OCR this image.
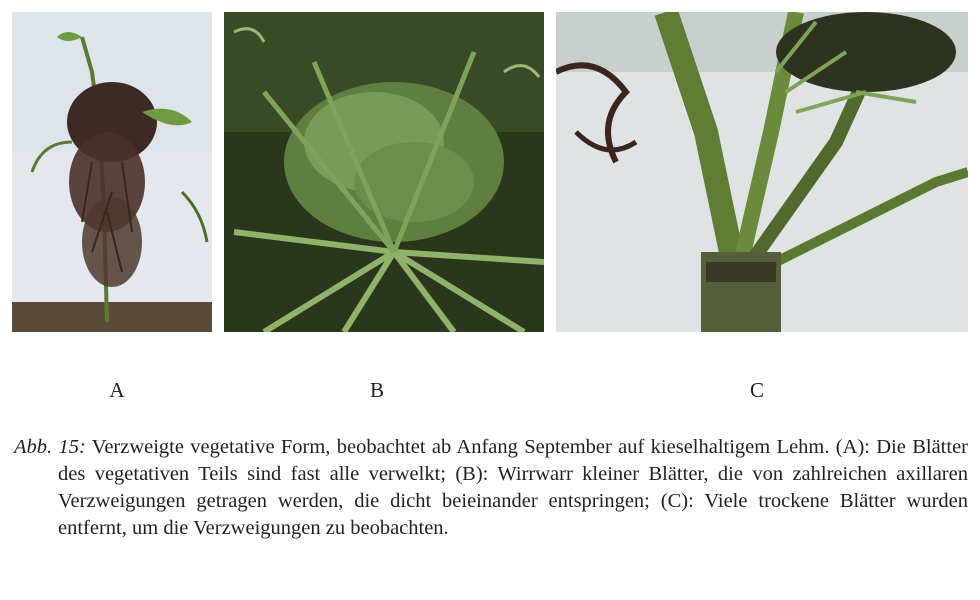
A	B	C
Abb. 15: Verzweigte vegetative Form, beobachtet ab Anfang September auf kieselhaltigem Lehm. (A): Die Blätter des vegetativen Teils sind fast alle verwelkt; (B): Wirrwarr kleiner Blätter, die von zahlreichen axillaren Verzweigungen getragen werden, die dicht beieinander entspringen; (C): Viele trockene Blätter wurden entfernt, um die Verzweigungen zu beobachten.
